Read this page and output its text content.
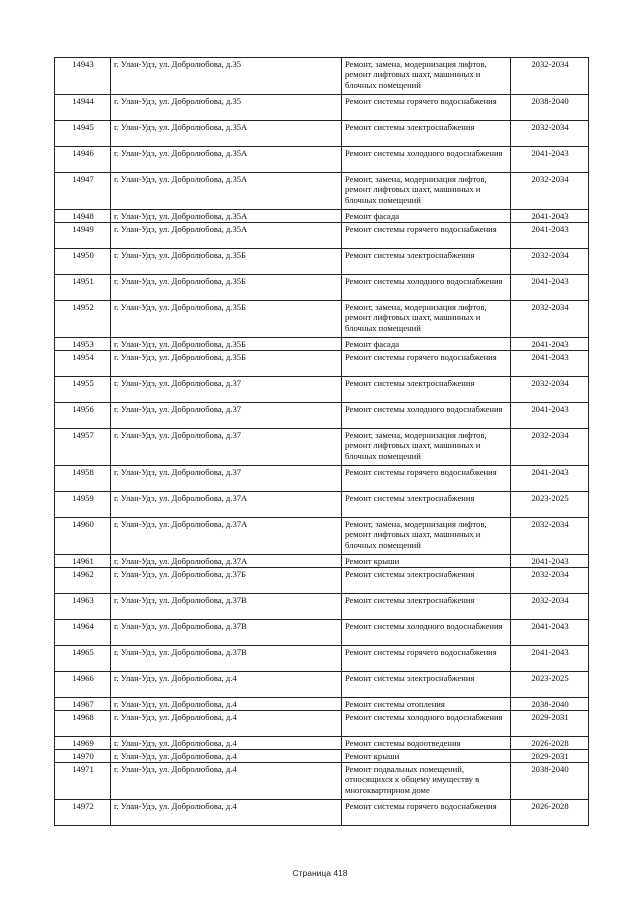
14943	г. Улан-Удэ, ул. Добролюбова, д.35	Ремонт, замена, модернизация лифтов, ремонт лифтовых шахт, машинных и блочных помещений	2032-2034
14944	г. Улан-Удэ, ул. Добролюбова, д.35	Ремонт системы горячего водоснабжения	2038-2040
14945	г. Улан-Удэ, ул. Добролюбова, д.35А	Ремонт системы электроснабжения	2032-2034
14946	г. Улан-Удэ, ул. Добролюбова, д.35А	Ремонт системы холодного водоснабжения	2041-2043
14947	г. Улан-Удэ, ул. Добролюбова, д.35А	Ремонт, замена, модернизация лифтов, ремонт лифтовых шахт, машинных и блочных помещений	2032-2034
14948	г. Улан-Удэ, ул. Добролюбова, д.35А	Ремонт фасада	2041-2043
14949	г. Улан-Удэ, ул. Добролюбова, д.35А	Ремонт системы горячего водоснабжения	2041-2043
14950	г. Улан-Удэ, ул. Добролюбова, д.35Б	Ремонт системы электроснабжения	2032-2034
14951	г. Улан-Удэ, ул. Добролюбова, д.35Б	Ремонт системы холодного водоснабжения	2041-2043
14952	г. Улан-Удэ, ул. Добролюбова, д.35Б	Ремонт, замена, модернизация лифтов, ремонт лифтовых шахт, машинных и блочных помещений	2032-2034
14953	г. Улан-Удэ, ул. Добролюбова, д.35Б	Ремонт фасада	2041-2043
14954	г. Улан-Удэ, ул. Добролюбова, д.35Б	Ремонт системы горячего водоснабжения	2041-2043
14955	г. Улан-Удэ, ул. Добролюбова, д.37	Ремонт системы электроснабжения	2032-2034
14956	г. Улан-Удэ, ул. Добролюбова, д.37	Ремонт системы холодного водоснабжения	2041-2043
14957	г. Улан-Удэ, ул. Добролюбова, д.37	Ремонт, замена, модернизация лифтов, ремонт лифтовых шахт, машинных и блочных помещений	2032-2034
14958	г. Улан-Удэ, ул. Добролюбова, д.37	Ремонт системы горячего водоснабжения	2041-2043
14959	г. Улан-Удэ, ул. Добролюбова, д.37А	Ремонт системы электроснабжения	2023-2025
14960	г. Улан-Удэ, ул. Добролюбова, д.37А	Ремонт, замена, модернизация лифтов, ремонт лифтовых шахт, машинных и блочных помещений	2032-2034
14961	г. Улан-Удэ, ул. Добролюбова, д.37А	Ремонт крыши	2041-2043
14962	г. Улан-Удэ, ул. Добролюбова, д.37Б	Ремонт системы электроснабжения	2032-2034
14963	г. Улан-Удэ, ул. Добролюбова, д.37В	Ремонт системы электроснабжения	2032-2034
14964	г. Улан-Удэ, ул. Добролюбова, д.37В	Ремонт системы холодного водоснабжения	2041-2043
14965	г. Улан-Удэ, ул. Добролюбова, д.37В	Ремонт системы горячего водоснабжения	2041-2043
14966	г. Улан-Удэ, ул. Добролюбова, д.4	Ремонт системы электроснабжения	2023-2025
14967	г. Улан-Удэ, ул. Добролюбова, д.4	Ремонт системы отопления	2038-2040
14968	г. Улан-Удэ, ул. Добролюбова, д.4	Ремонт системы холодного водоснабжения	2029-2031
14969	г. Улан-Удэ, ул. Добролюбова, д.4	Ремонт системы водоотведения	2026-2028
14970	г. Улан-Удэ, ул. Добролюбова, д.4	Ремонт крыши	2029-2031
14971	г. Улан-Удэ, ул. Добролюбова, д.4	Ремонт подвальных помещений, относящихся к общему имуществу в многоквартирном доме	2038-2040
14972	г. Улан-Удэ, ул. Добролюбова, д.4	Ремонт системы горячего водоснабжения	2026-2028
Страница 418
